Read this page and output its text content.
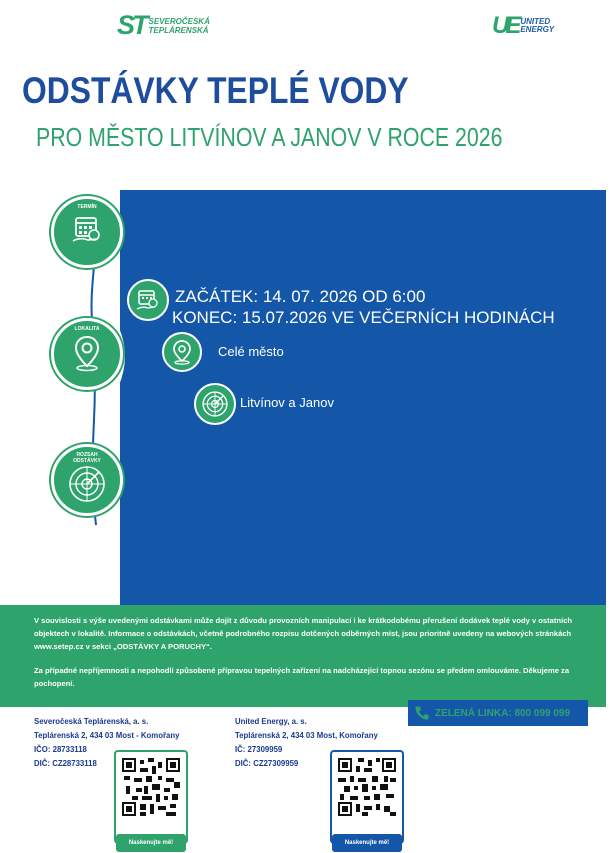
ST SEVEROČESKÁ
TEPLÁRENSKÁ	UE UNITED
ENERGY
ODSTÁVKY TEPLÉ VODY
PRO MĚSTO LITVÍNOV A JANOV V ROCE 2026
TERMÍN
LOKALITA
ROZSAH
ODSTÁVKY
ZAČÁTEK: 14. 07. 2026 OD 6:00
KONEC: 15.07.2026 VE VEČERNÍCH HODINÁCH
Celé město
Litvínov a Janov
V souvislosti s výše uvedenými odstávkami může dojít z důvodu provozních manipulací i ke krátkodobému přerušení dodávek teplé vody v ostatních objektech v lokalitě. Informace o odstávkách, včetně podrobného rozpisu dotčených odběrných míst, jsou prioritně uvedeny na webových stránkách www.setep.cz v sekci „ODSTÁVKY A PORUCHY“.
Za případné nepříjemnosti a nepohodlí způsobené přípravou tepelných zařízení na nadcházející topnou sezónu se předem omlouváme. Děkujeme za pochopení.
ZELENÁ LINKA: 800 099 099
Severočeská Teplárenská, a. s.
Teplárenská 2, 434 03 Most - Komořany
IČO: 28733118
DIČ: CZ28733118
Naskenujte mě!
United Energy, a. s.
Teplárenská 2, 434 03 Most, Komořany
IČ: 27309959
DIČ: CZ27309959
Naskenujte mě!
